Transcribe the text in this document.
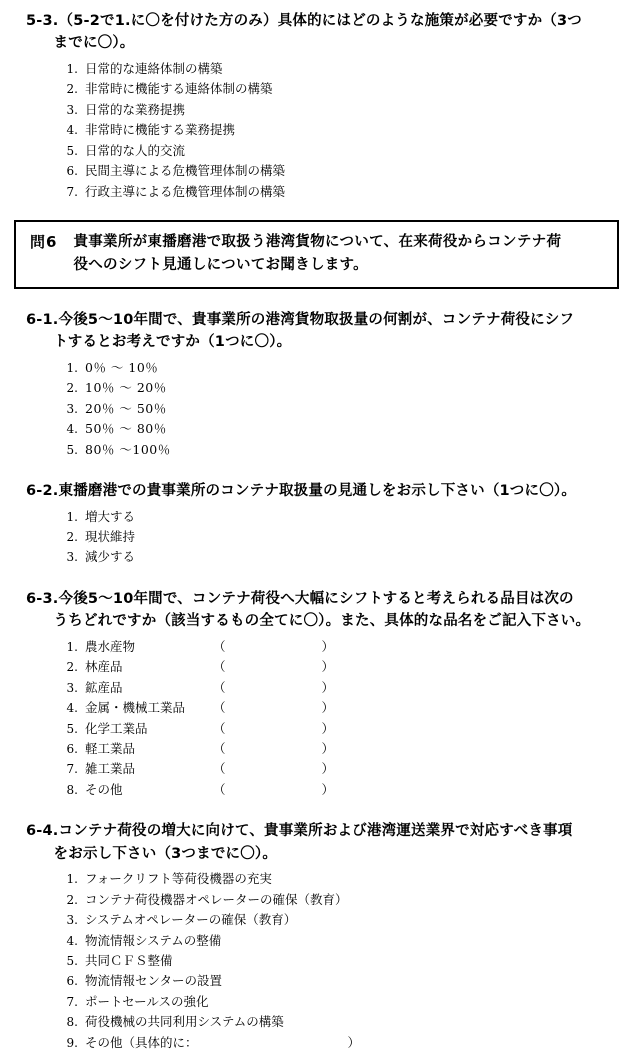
5-3.（5-2で1.に〇を付けた方のみ）具体的にはどのような施策が必要ですか（3つ
までに〇）。
1. 日常的な連絡体制の構築
2. 非常時に機能する連絡体制の構築
3. 日常的な業務提携
4. 非常時に機能する業務提携
5. 日常的な人的交流
6. 民間主導による危機管理体制の構築
7. 行政主導による危機管理体制の構築
問6 貴事業所が東播磨港で取扱う港湾貨物について、在来荷役からコンテナ荷
役へのシフト見通しについてお聞きします。
6-1.今後5〜10年間で、貴事業所の港湾貨物取扱量の何割が、コンテナ荷役にシフ
トするとお考えですか（1つに〇）。
1. 0％ ～ 10％
2. 10％ ～ 20％
3. 20％ ～ 50％
4. 50％ ～ 80％
5. 80％ ～100％
6-2.東播磨港での貴事業所のコンテナ取扱量の見通しをお示し下さい（1つに〇）。
1. 増大する
2. 現状維持
3. 減少する
6-3.今後5〜10年間で、コンテナ荷役へ大幅にシフトすると考えられる品目は次の
うちどれですか（該当するもの全てに〇）。また、具体的な品名をご記入下さい。
1. 農水産物	（	）
2. 林産品	（	）
3. 鉱産品	（	）
4. 金属・機械工業品	（	）
5. 化学工業品	（	）
6. 軽工業品	（	）
7. 雑工業品	（	）
8. その他	（	）
6-4.コンテナ荷役の増大に向けて、貴事業所および港湾運送業界で対応すべき事項
をお示し下さい（3つまでに〇）。
1. フォークリフト等荷役機器の充実
2. コンテナ荷役機器オペレーターの確保（教育）
3. システムオペレーターの確保（教育）
4. 物流情報システムの整備
5. 共同ＣＦＳ整備
6. 物流情報センターの設置
7. ポートセールスの強化
8. 荷役機械の共同利用システムの構築
9. その他（具体的に：	）
